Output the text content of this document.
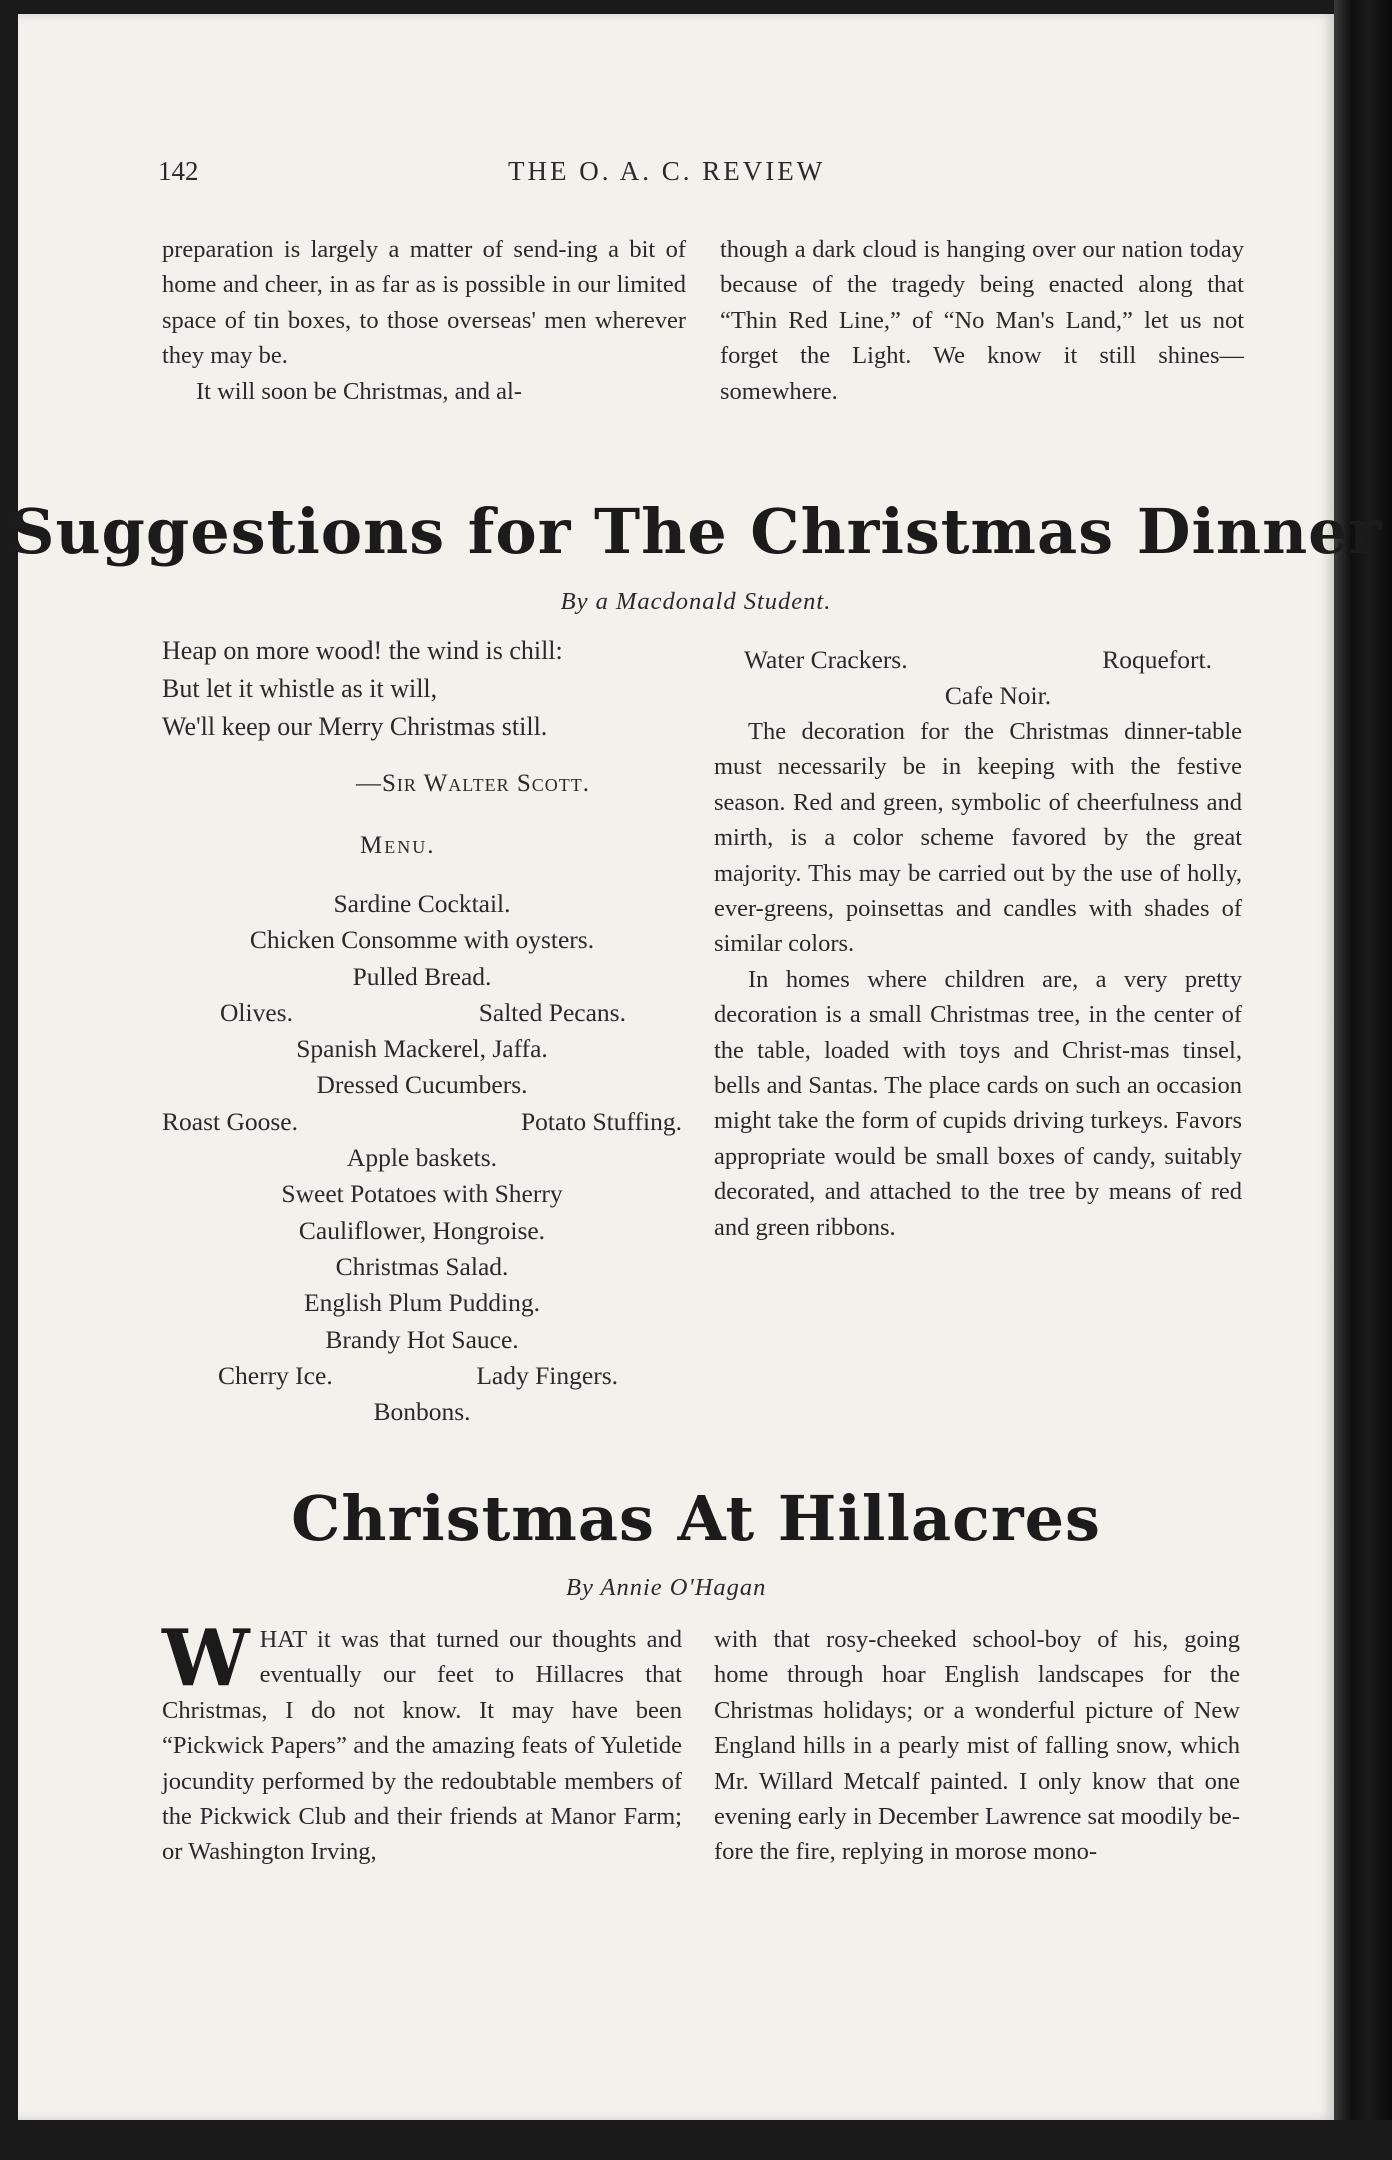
142	THE O. A. C. REVIEW

preparation is largely a matter of send-ing a bit of home and cheer, in as far as is possible in our limited space of tin boxes, to those overseas' men wherever they may be.

It will soon be Christmas, and al-

though a dark cloud is hanging over our nation today because of the tragedy being enacted along that “Thin Red Line,” of “No Man's Land,” let us not forget the Light. We know it still shines—somewhere.

Suggestions for The Christmas Dinner
By a Macdonald Student.
Heap on more wood! the wind is chill:
But let it whistle as it will,
We'll keep our Merry Christmas still.
—Sir Walter Scott.
Menu.
Sardine Cocktail.
Chicken Consomme with oysters.
Pulled Bread.
Olives.	Salted Pecans.
Spanish Mackerel, Jaffa.
Dressed Cucumbers.
Roast Goose.	Potato Stuffing.
Apple baskets.
Sweet Potatoes with Sherry
Cauliflower, Hongroise.
Christmas Salad.
English Plum Pudding.
Brandy Hot Sauce.
Cherry Ice.	Lady Fingers.
Bonbons.
Water Crackers.	Roquefort.
Cafe Noir.

The decoration for the Christmas dinner-table must necessarily be in keeping with the festive season. Red and green, symbolic of cheerfulness and mirth, is a color scheme favored by the great majority. This may be carried out by the use of holly, ever-greens, poinsettas and candles with shades of similar colors.

In homes where children are, a very pretty decoration is a small Christmas tree, in the center of the table, loaded with toys and Christ-mas tinsel, bells and Santas. The place cards on such an occasion might take the form of cupids driving turkeys. Favors appropriate would be small boxes of candy, suitably decorated, and attached to the tree by means of red and green ribbons.

Christmas At Hillacres
By Annie O'Hagan
W HAT it was that turned our thoughts and eventually our feet to Hillacres that Christmas, I do not know. It may have been “Pickwick Papers” and the amazing feats of Yuletide jocundity performed by the redoubtable members of the Pickwick Club and their friends at Manor Farm; or Washington Irving,

with that rosy-cheeked school-boy of his, going home through hoar English landscapes for the Christmas holidays; or a wonderful picture of New England hills in a pearly mist of falling snow, which Mr. Willard Metcalf painted. I only know that one evening early in December Lawrence sat moodily be-fore the fire, replying in morose mono-
